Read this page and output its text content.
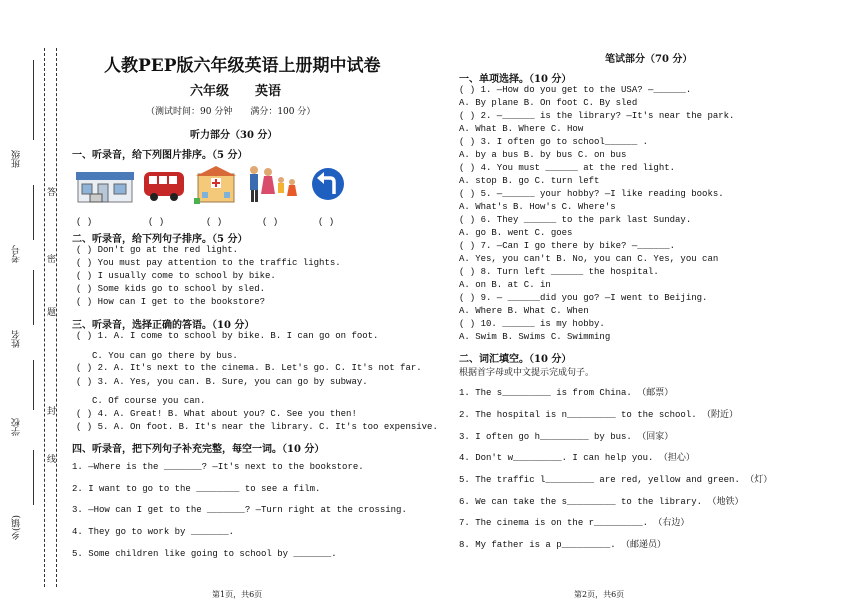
班级
考号
姓名
学校
乡(镇)
答
密
题
封
线
人教PEP版六年级英语上册期中试卷
六年级　　英语
（测试时间：90 分钟　　满分：100 分）
听力部分（30 分）
一、听录音，给下列图片排序。（5 分）
( )	( )	( )	( )	( )
二、听录音，给下列句子排序。（5 分）
( ) Don't go at the red light.
( ) You must pay attention to the traffic lights.
( ) I usually come to school by bike.
( ) Some kids go to school by sled.
( ) How can I get to the bookstore?
三、听录音，选择正确的答语。（10 分）
( ) 1. A. I come to school by bike. B. I can go on foot.
C. You can go there by bus.
( ) 2. A. It's next to the cinema. B. Let's go. C. It's not far.
( ) 3. A. Yes, you can. B. Sure, you can go by subway.
C. Of course you can.
( ) 4. A. Great! B. What about you? C. See you then!
( ) 5. A. On foot. B. It's near the library. C. It's too expensive.
四、听录音，把下列句子补充完整，每空一词。（10 分）
1. —Where is the _______? —It's next to the bookstore.
2. I want to go to the ________ to see a film.
3. —How can I get to the _______? —Turn right at the crossing.
4. They go to work by _______.
5. Some children like going to school by _______.
第1页，共6页
笔试部分（70 分）
一、单项选择。（10 分）
( ) 1. —How do you get to the USA? —______.
A. By plane B. On foot C. By sled
( ) 2. —______ is the library? —It's near the park.
A. What B. Where C. How
( ) 3. I often go to school______ .
A. by a bus B. by bus C. on bus
( ) 4. You must ______ at the red light.
A. stop B. go C. turn left
( ) 5. —______ your hobby? —I like reading books.
A. What's B. How's C. Where's
( ) 6. They ______ to the park last Sunday.
A. go B. went C. goes
( ) 7. —Can I go there by bike? —______.
A. Yes, you can't B. No, you can C. Yes, you can
( ) 8. Turn left ______ the hospital.
A. on B. at C. in
( ) 9. — ______did you go? —I went to Beijing.
A. Where B. What C. When
( ) 10. ______ is my hobby.
A. Swim B. Swims C. Swimming
二、词汇填空。（10 分）
根据首字母或中文提示完成句子。
1. The s_________ is from China. （邮票）
2. The hospital is n_________ to the school. （附近）
3. I often go h_________ by bus. （回家）
4. Don't w_________. I can help you. （担心）
5. The traffic l_________ are red, yellow and green. （灯）
6. We can take the s_________ to the library. （地铁）
7. The cinema is on the r_________. （右边）
8. My father is a p_________. （邮递员）
第2页，共6页
